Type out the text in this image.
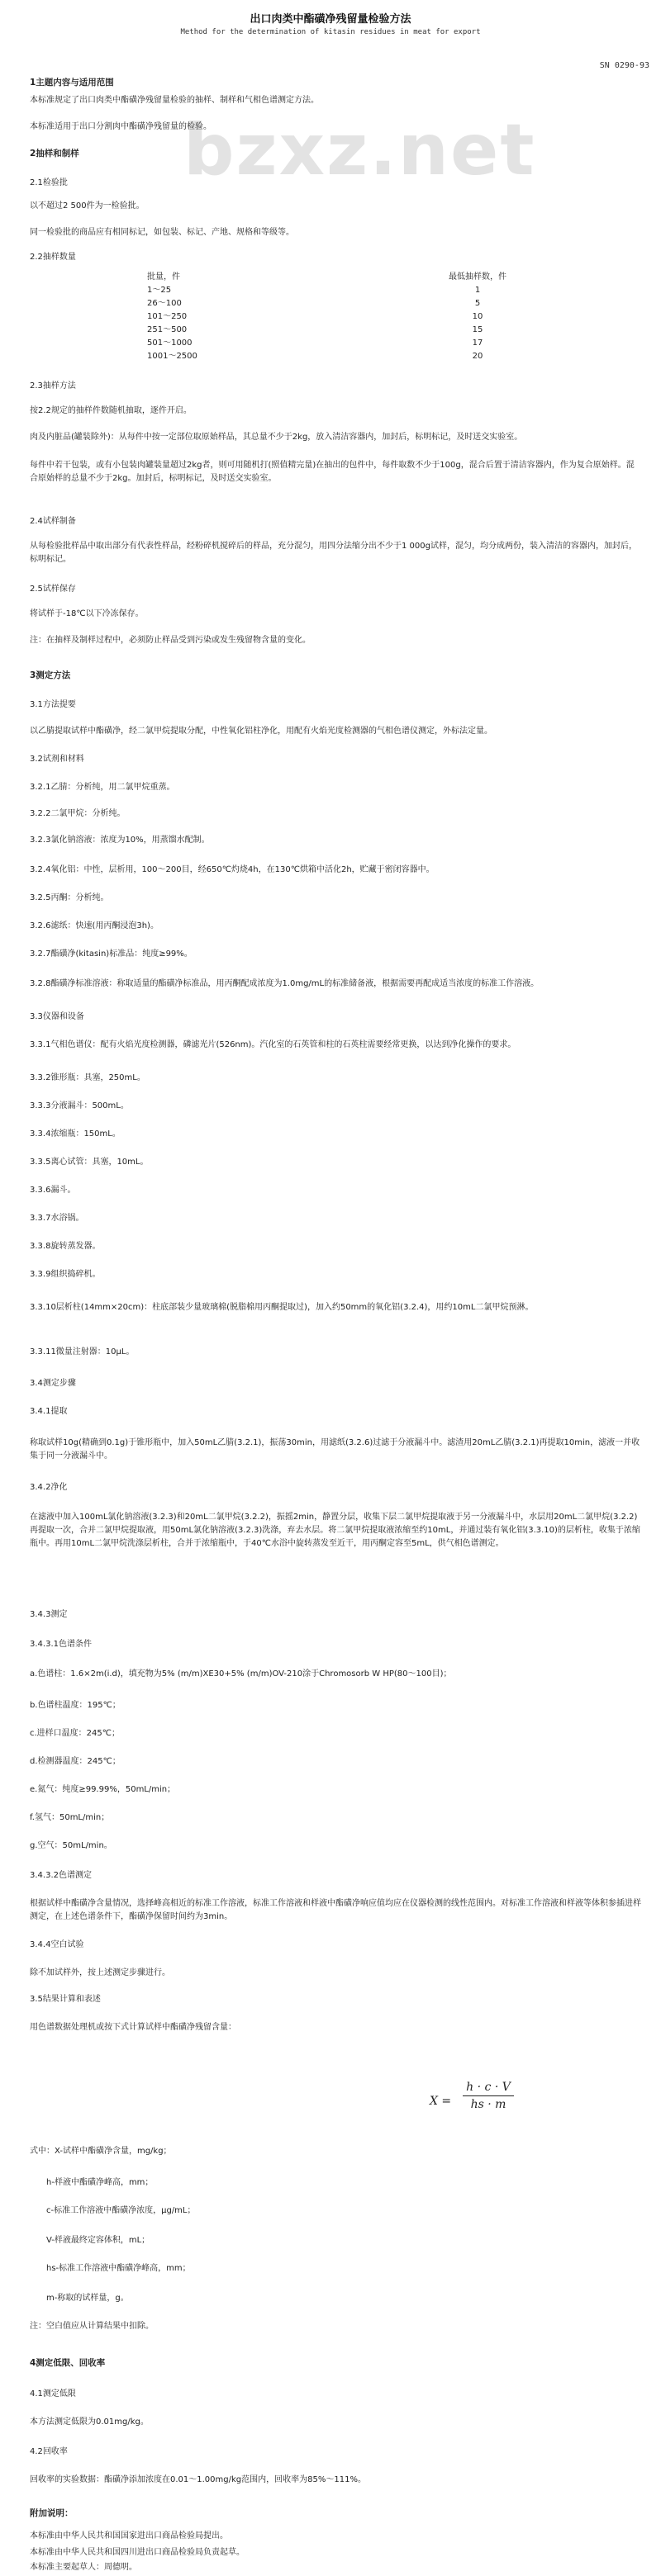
bzxz.net
出口肉类中酯磺净残留量检验方法
Method for the determination of kitasin residues in meat for export
SN 0290-93
1主题内容与适用范围
本标准规定了出口肉类中酯磺净残留量检验的抽样、制样和气相色谱测定方法。
本标准适用于出口分割肉中酯磺净残留量的检验。
2抽样和制样
2.1检验批
以不超过2 500件为一检验批。
同一检验批的商品应有相同标记，如包装、标记、产地、规格和等级等。
2.2抽样数量
批量，件	最低抽样数，件
1～25	1
26～100	5
101～250	10
251～500	15
501～1000	17
1001～2500	20
2.3抽样方法
按2.2规定的抽样件数随机抽取，逐件开启。
肉及内脏品(罐装除外)：从每件中按一定部位取原始样品，其总量不少于2kg，放入清洁容器内，加封后，标明标记，及时送交实验室。
每件中若干包装，或有小包装肉罐装量超过2kg者，则可用随机打(照值精完量)在抽出的包件中，每件取数不少于100g，混合后置于清洁容器内，作为复合原始样。混合原始样的总量不少于2kg。加封后，标明标记，及时送交实验室。
2.4试样制备
从每检验批样品中取出部分有代表性样品，经粉碎机搅碎后的样品，充分混匀，用四分法缩分出不少于1 000g试样，混匀，均分成两份，装入清洁的容器内，加封后，标明标记。
2.5试样保存
将试样于-18℃以下冷冻保存。
注：在抽样及制样过程中，必须防止样品受到污染或发生残留物含量的变化。
3测定方法
3.1方法提要
以乙腈提取试样中酯磺净，经二氯甲烷提取分配，中性氧化铝柱净化，用配有火焰光度检测器的气相色谱仪测定，外标法定量。
3.2试剂和材料
3.2.1乙腈：分析纯，用二氯甲烷重蒸。
3.2.2二氯甲烷：分析纯。
3.2.3氯化钠溶液：浓度为10%，用蒸馏水配制。
3.2.4氧化铝：中性，层析用，100～200目，经650℃灼烧4h，在130℃烘箱中活化2h，贮藏于密闭容器中。
3.2.5丙酮：分析纯。
3.2.6滤纸：快速(用丙酮浸泡3h)。
3.2.7酯磺净(kitasin)标准品：纯度≥99%。
3.2.8酯磺净标准溶液：称取适量的酯磺净标准品，用丙酮配成浓度为1.0mg/mL的标准储备液，根据需要再配成适当浓度的标准工作溶液。
3.3仪器和设备
3.3.1气相色谱仪：配有火焰光度检测器，磷滤光片(526nm)。汽化室的石英管和柱的石英柱需要经常更换，以达到净化操作的要求。
3.3.2锥形瓶：具塞，250mL。
3.3.3分液漏斗：500mL。
3.3.4浓缩瓶：150mL。
3.3.5离心试管：具塞，10mL。
3.3.6漏斗。
3.3.7水浴锅。
3.3.8旋转蒸发器。
3.3.9组织捣碎机。
3.3.10层析柱(14mm×20cm)：柱底部装少量玻璃棉(脱脂棉用丙酮提取过)，加入约50mm的氧化铝(3.2.4)，用约10mL二氯甲烷预淋。
3.3.11微量注射器：10μL。
3.4测定步骤
3.4.1提取
称取试样10g(精确到0.1g)于锥形瓶中，加入50mL乙腈(3.2.1)，振荡30min，用滤纸(3.2.6)过滤于分液漏斗中。滤渣用20mL乙腈(3.2.1)再提取10min，滤液一并收集于同一分液漏斗中。
3.4.2净化
在滤液中加入100mL氯化钠溶液(3.2.3)和20mL二氯甲烷(3.2.2)，振摇2min，静置分层，收集下层二氯甲烷提取液于另一分液漏斗中，水层用20mL二氯甲烷(3.2.2)再提取一次，合并二氯甲烷提取液，用50mL氯化钠溶液(3.2.3)洗涤，弃去水层。将二氯甲烷提取液浓缩至约10mL，并通过装有氧化铝(3.3.10)的层析柱，收集于浓缩瓶中。再用10mL二氯甲烷洗涤层析柱，合并于浓缩瓶中，于40℃水浴中旋转蒸发至近干，用丙酮定容至5mL，供气相色谱测定。
3.4.3测定
3.4.3.1色谱条件
a.色谱柱：1.6×2m(i.d)，填充物为5% (m/m)XE30+5% (m/m)OV-210涂于Chromosorb W HP(80～100目)；
b.色谱柱温度：195℃；
c.进样口温度：245℃；
d.检测器温度：245℃；
e.氮气：纯度≥99.99%，50mL/min；
f.氢气：50mL/min；
g.空气：50mL/min。
3.4.3.2色谱测定
根据试样中酯磺净含量情况，选择峰高相近的标准工作溶液，标准工作溶液和样液中酯磺净响应值均应在仪器检测的线性范围内。对标准工作溶液和样液等体积参插进样测定，在上述色谱条件下，酯磺净保留时间约为3min。
3.4.4空白试验
除不加试样外，按上述测定步骤进行。
3.5结果计算和表述
用色谱数据处理机或按下式计算试样中酯磺净残留含量：
$X = \frac{h \cdot c \cdot V}{hs \cdot m}$
式中：X-试样中酯磺净含量，mg/kg；
h-样液中酯磺净峰高，mm；
c-标准工作溶液中酯磺净浓度，μg/mL；
V-样液最终定容体积，mL；
hs-标准工作溶液中酯磺净峰高，mm；
m-称取的试样量，g。
注：空白值应从计算结果中扣除。
4测定低限、回收率
4.1测定低限
本方法测定低限为0.01mg/kg。
4.2回收率
回收率的实验数据：酯磺净添加浓度在0.01～1.00mg/kg范围内，回收率为85%～111%。
附加说明：
本标准由中华人民共和国国家进出口商品检验局提出。
本标准由中华人民共和国四川进出口商品检验局负责起草。
本标准主要起草人：周德明。
